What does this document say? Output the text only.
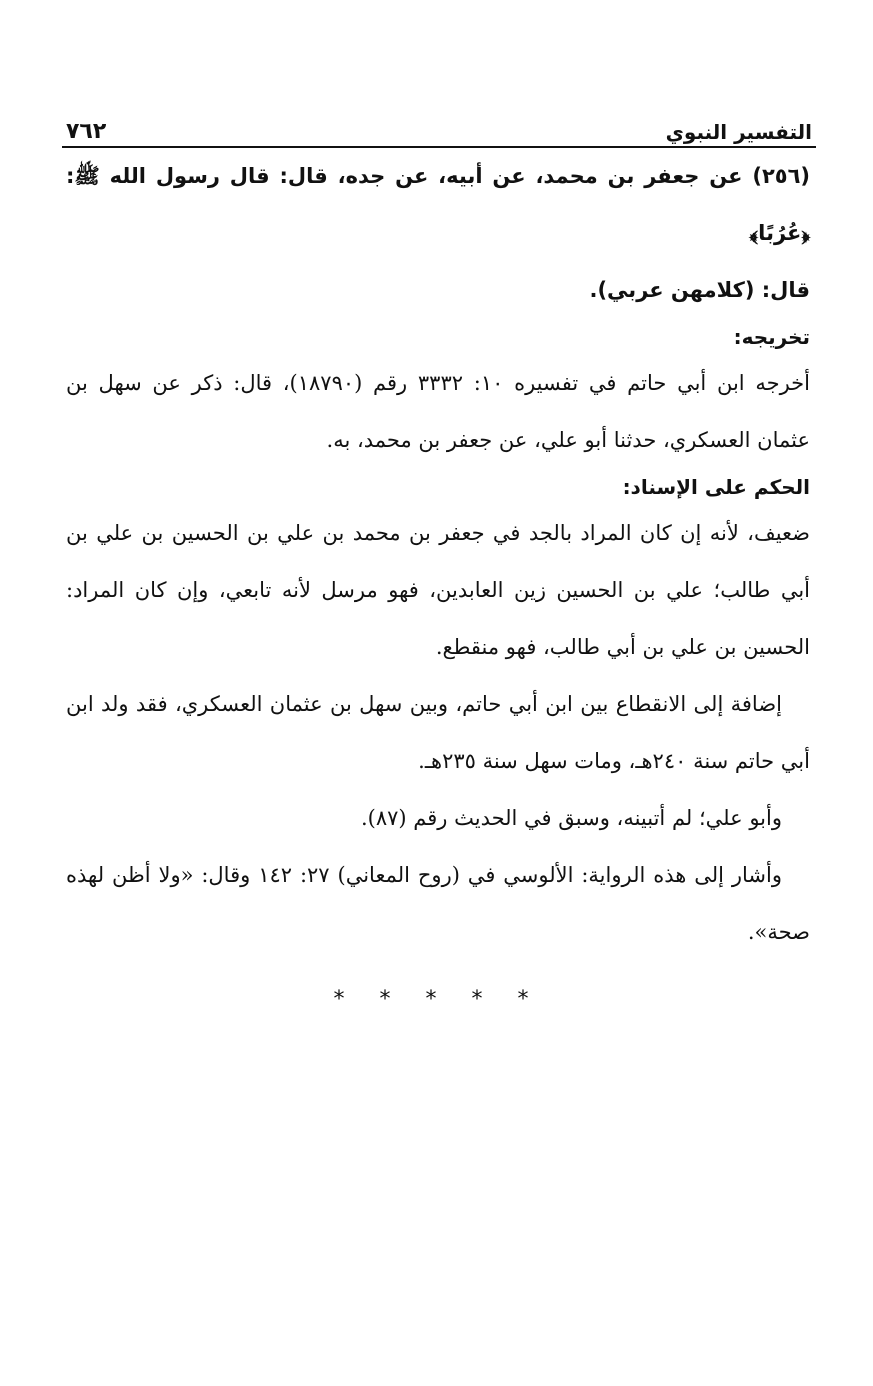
التفسير النبوي
٧٦٢

(٢٥٦) عن جعفر بن محمد، عن أبيه، عن جده، قال: قال رسول الله ﷺ: ﴿عُرُبًا﴾

قال: (كلامهن عربي).

تخريجه:

أخرجه ابن أبي حاتم في تفسيره ١٠: ٣٣٣٢ رقم (١٨٧٩٠)، قال: ذكر عن سهل بن عثمان العسكري، حدثنا أبو علي، عن جعفر بن محمد، به.

الحكم على الإسناد:

ضعيف، لأنه إن كان المراد بالجد في جعفر بن محمد بن علي بن الحسين بن علي بن أبي طالب؛ علي بن الحسين زين العابدين، فهو مرسل لأنه تابعي، وإن كان المراد: الحسين بن علي بن أبي طالب، فهو منقطع.

إضافة إلى الانقطاع بين ابن أبي حاتم، وبين سهل بن عثمان العسكري، فقد ولد ابن أبي حاتم سنة ٢٤٠هـ، ومات سهل سنة ٢٣٥هـ.

وأبو علي؛ لم أتبينه، وسبق في الحديث رقم (٨٧).

وأشار إلى هذه الرواية: الألوسي في (روح المعاني) ٢٧: ١٤٢ وقال: «ولا أظن لهذه صحة».

* * * * *
